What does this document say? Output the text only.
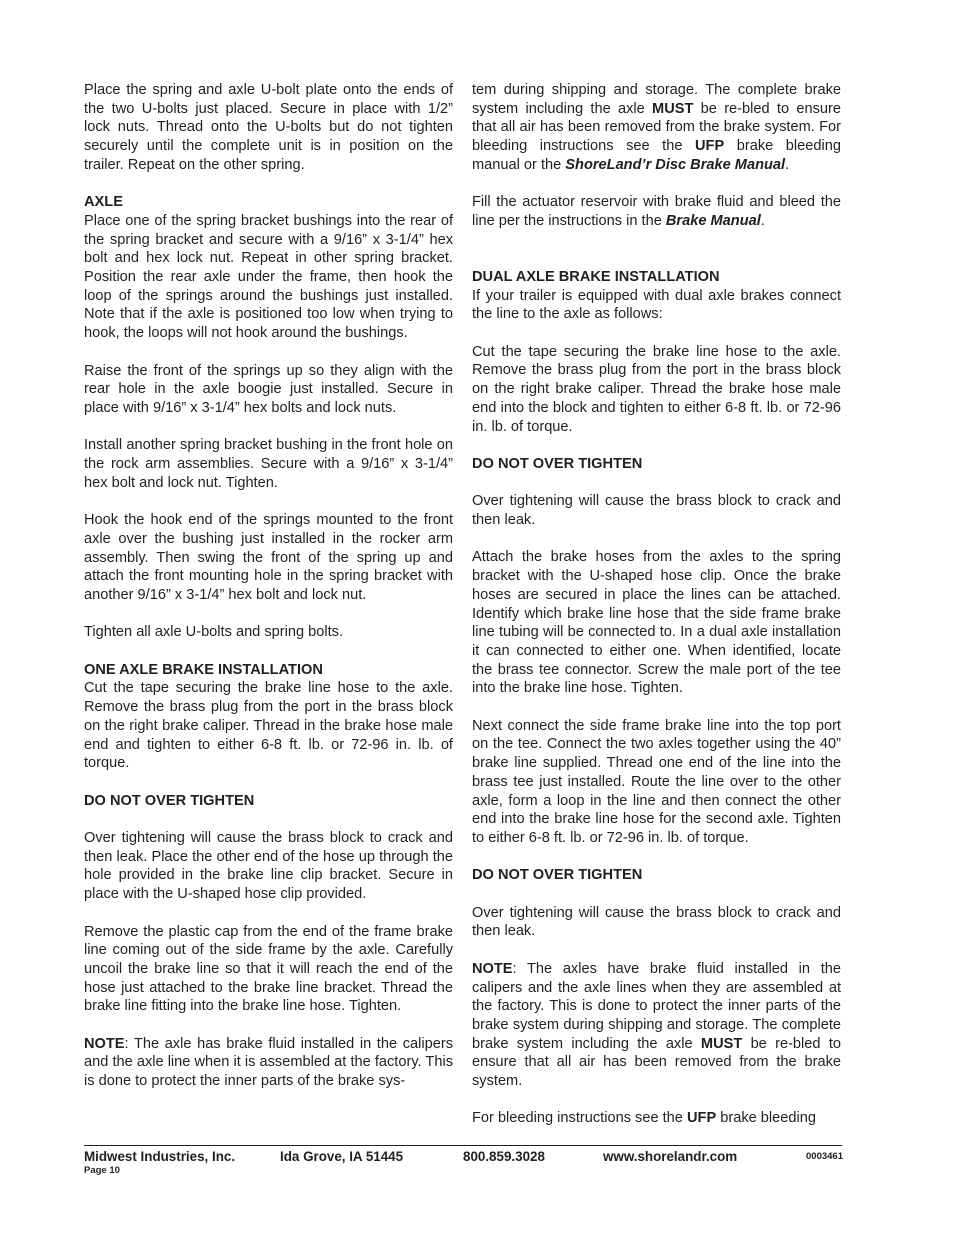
Place the spring and axle U-bolt plate onto the ends of the two U-bolts just placed. Secure in place with 1/2” lock nuts. Thread onto the U-bolts but do not tighten securely until the complete unit is in position on the trailer. Repeat on the other spring.

AXLE

Place one of the spring bracket bushings into the rear of the spring bracket and secure with a 9/16” x 3-1/4” hex bolt and hex lock nut. Repeat in other spring bracket. Position the rear axle under the frame, then hook the loop of the springs around the bushings just installed. Note that if the axle is positioned too low when trying to hook, the loops will not hook around the bushings.

Raise the front of the springs up so they align with the rear hole in the axle boogie just installed. Secure in place with 9/16” x 3-1/4” hex bolts and lock nuts.

Install another spring bracket bushing in the front hole on the rock arm assemblies. Secure with a 9/16” x 3-1/4” hex bolt and lock nut. Tighten.

Hook the hook end of the springs mounted to the front axle over the bushing just installed in the rocker arm assembly. Then swing the front of the spring up and attach the front mounting hole in the spring bracket with another 9/16” x 3-1/4” hex bolt and lock nut.

Tighten all axle U-bolts and spring bolts.

ONE AXLE BRAKE INSTALLATION

Cut the tape securing the brake line hose to the axle. Remove the brass plug from the port in the brass block on the right brake caliper. Thread in the brake hose male end and tighten to either 6-8 ft. lb. or 72-96 in. lb. of torque.

DO NOT OVER TIGHTEN

Over tightening will cause the brass block to crack and then leak. Place the other end of the hose up through the hole provided in the brake line clip bracket. Secure in place with the U-shaped hose clip provided.

Remove the plastic cap from the end of the frame brake line coming out of the side frame by the axle. Carefully uncoil the brake line so that it will reach the end of the hose just attached to the brake line bracket. Thread the brake line fitting into the brake line hose. Tighten.

NOTE: The axle has brake fluid installed in the calipers and the axle line when it is assembled at the factory. This is done to protect the inner parts of the brake sys-

tem during shipping and storage. The complete brake system including the axle MUST be re-bled to ensure that all air has been removed from the brake system. For bleeding instructions see the UFP brake bleeding manual or the ShoreLand’r Disc Brake Manual.

Fill the actuator reservoir with brake fluid and bleed the line per the instructions in the Brake Manual.

DUAL AXLE BRAKE INSTALLATION

If your trailer is equipped with dual axle brakes connect the line to the axle as follows:

Cut the tape securing the brake line hose to the axle. Remove the brass plug from the port in the brass block on the right brake caliper. Thread the brake hose male end into the block and tighten to either 6-8 ft. lb. or 72-96 in. lb. of torque.

DO NOT OVER TIGHTEN

Over tightening will cause the brass block to crack and then leak.

Attach the brake hoses from the axles to the spring bracket with the U-shaped hose clip. Once the brake hoses are secured in place the lines can be attached. Identify which brake line hose that the side frame brake line tubing will be connected to. In a dual axle installation it can connected to either one. When identified, locate the brass tee connector. Screw the male port of the tee into the brake line hose. Tighten.

Next connect the side frame brake line into the top port on the tee. Connect the two axles together using the 40” brake line supplied. Thread one end of the line into the brass tee just installed. Route the line over to the other axle, form a loop in the line and then connect the other end into the brake line hose for the second axle. Tighten to either 6-8 ft. lb. or 72-96 in. lb. of torque.

DO NOT OVER TIGHTEN

Over tightening will cause the brass block to crack and then leak.

NOTE: The axles have brake fluid installed in the calipers and the axle lines when they are assembled at the factory. This is done to protect the inner parts of the brake system during shipping and storage. The complete brake system including the axle MUST be re-bled to ensure that all air has been removed from the brake system.

For bleeding instructions see the UFP brake bleeding

Midwest Industries, Inc.	Ida Grove, IA 51445	800.859.3028	www.shorelandr.com	0003461
Page 10
